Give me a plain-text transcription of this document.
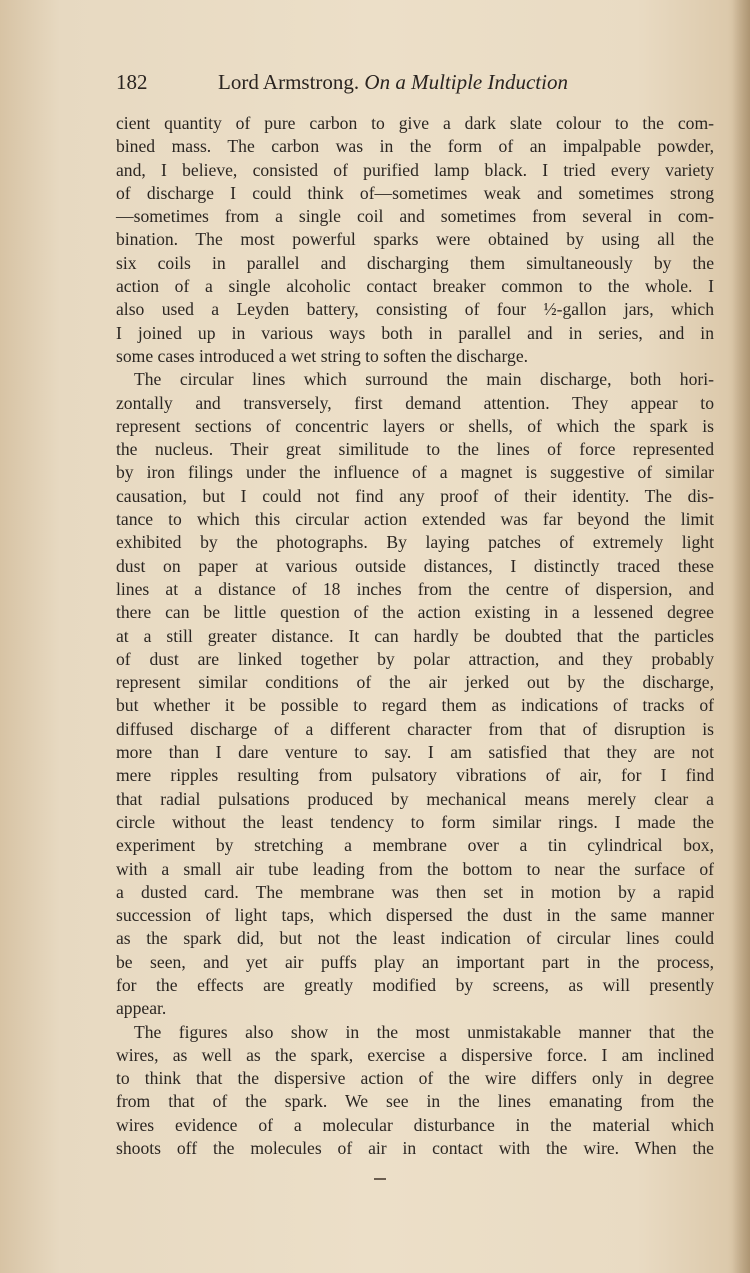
182	Lord Armstrong. On a Multiple Induction
cient quantity of pure carbon to give a dark slate colour to the com-
bined mass. The carbon was in the form of an impalpable powder,
and, I believe, consisted of purified lamp black. I tried every variety
of discharge I could think of—sometimes weak and sometimes strong
—sometimes from a single coil and sometimes from several in com-
bination. The most powerful sparks were obtained by using all the
six coils in parallel and discharging them simultaneously by the
action of a single alcoholic contact breaker common to the whole. I
also used a Leyden battery, consisting of four ½-gallon jars, which
I joined up in various ways both in parallel and in series, and in
some cases introduced a wet string to soften the discharge.
The circular lines which surround the main discharge, both hori-
zontally and transversely, first demand attention. They appear to
represent sections of concentric layers or shells, of which the spark is
the nucleus. Their great similitude to the lines of force represented
by iron filings under the influence of a magnet is suggestive of similar
causation, but I could not find any proof of their identity. The dis-
tance to which this circular action extended was far beyond the limit
exhibited by the photographs. By laying patches of extremely light
dust on paper at various outside distances, I distinctly traced these
lines at a distance of 18 inches from the centre of dispersion, and
there can be little question of the action existing in a lessened degree
at a still greater distance. It can hardly be doubted that the particles
of dust are linked together by polar attraction, and they probably
represent similar conditions of the air jerked out by the discharge,
but whether it be possible to regard them as indications of tracks of
diffused discharge of a different character from that of disruption is
more than I dare venture to say. I am satisfied that they are not
mere ripples resulting from pulsatory vibrations of air, for I find
that radial pulsations produced by mechanical means merely clear a
circle without the least tendency to form similar rings. I made the
experiment by stretching a membrane over a tin cylindrical box,
with a small air tube leading from the bottom to near the surface of
a dusted card. The membrane was then set in motion by a rapid
succession of light taps, which dispersed the dust in the same manner
as the spark did, but not the least indication of circular lines could
be seen, and yet air puffs play an important part in the process,
for the effects are greatly modified by screens, as will presently
appear.
The figures also show in the most unmistakable manner that the
wires, as well as the spark, exercise a dispersive force. I am inclined
to think that the dispersive action of the wire differs only in degree
from that of the spark. We see in the lines emanating from the
wires evidence of a molecular disturbance in the material which
shoots off the molecules of air in contact with the wire. When the
